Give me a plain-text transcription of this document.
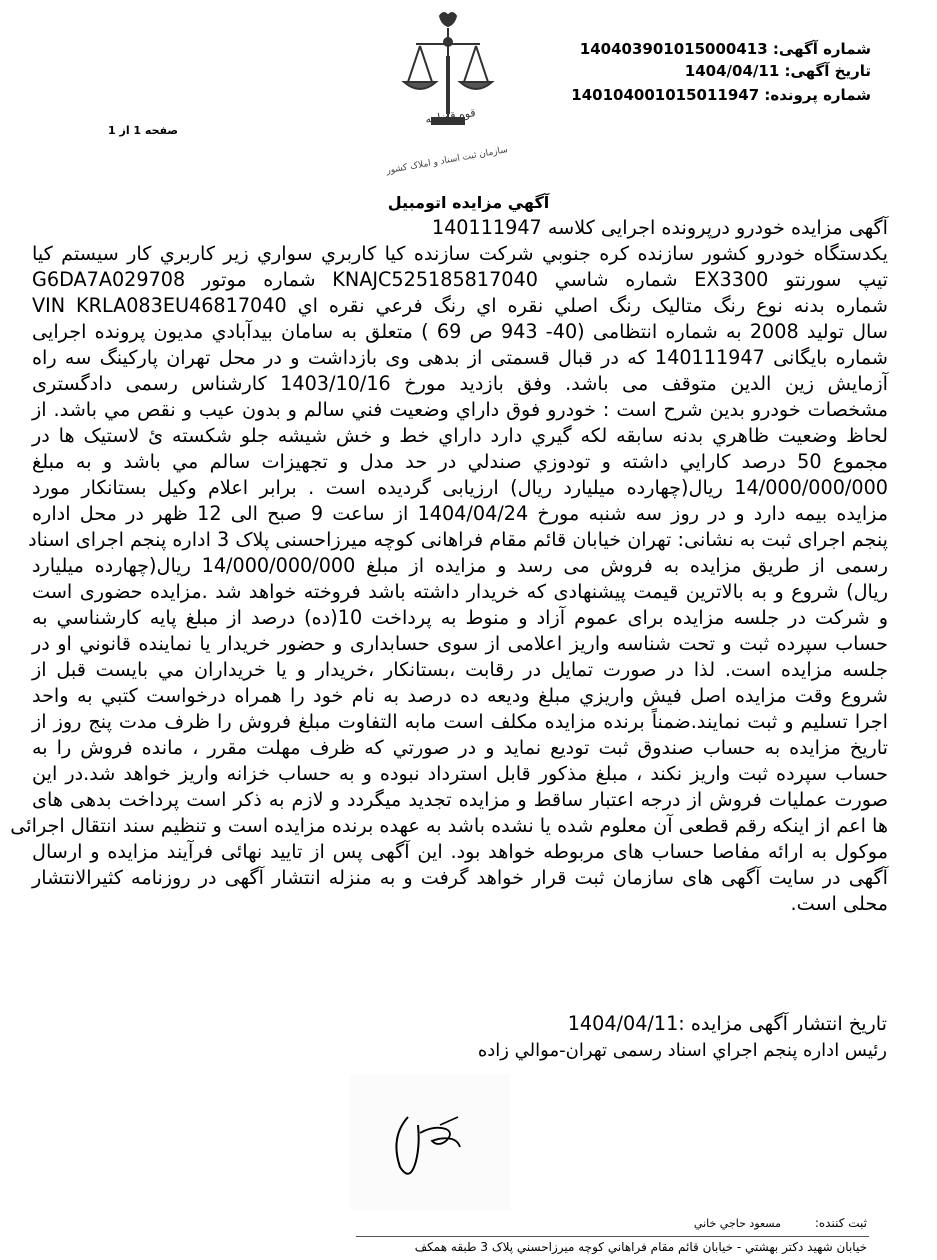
شماره آگهی: 14040390101500041​3
تاریخ آگهی: 1404/04/11
شماره پرونده: 140104001015011947
صفحه 1 از 1
قوه قضاییه
سازمان ثبت اسناد و املاک کشور
آگهي مزايده اتومبيل
آگهی مزایده خودرو درپرونده اجرایی کلاسه 140111947
یکدستگاه خودرو کشور سازنده کره جنوبي شرکت سازنده کيا کاربري سواري زير کاربري کار سيستم کيا
تيپ سورنتو EX3300 شماره شاسي KNAJC525185817040 شماره موتور G6DA7A029708
شماره بدنه نوع رنگ متاليک رنگ اصلي نقره اي رنگ فرعي نقره اي VIN KRLA083EU46817040
سال تولید 2008 به شماره انتظامی (40- 943 ص 69 ) متعلق به سامان بیدآبادي مدیون پرونده اجرایی
شماره بایگانی 140111947 که در قبال قسمتی از بدهی وی بازداشت و در محل تهران پارکینگ سه راه
آزمایش زین الدین متوقف می باشد. وفق بازدید مورخ 1403/10/16 کارشناس رسمی دادگستری
مشخصات خودرو بدين شرح است : خودرو فوق داراي وضعيت فني سالم و بدون عيب و نقص مي باشد. از
لحاظ وضعيت ظاهري بدنه سابقه لکه گيري دارد داراي خط و خش شيشه جلو شکسته ئ لاستيک ها در
مجموع 50 درصد کارايي داشته و تودوزي صندلي در حد مدل و تجهيزات سالم مي باشد و به مبلغ
14/000/000/000 ريال(چهارده ميليارد ريال) ارزيابی گرديده است . برابر اعلام وکيل بستانکار مورد
مزایده بیمه دارد و در روز سه شنبه مورخ 1404/04/24 از ساعت 9 صبح الی 12 ظهر در محل اداره
پنجم اجرای ثبت به نشانی: تهران خیابان قائم مقام فراهانی کوچه میرزاحسنی پلاک 3 اداره پنجم اجرای اسناد
رسمی از طریق مزایده به فروش می رسد و مزایده از مبلغ 14/000/000/000 ريال(چهارده ميليارد
ريال) شروع و به بالاترین قیمت پیشنهادی که خریدار داشته باشد فروخته خواهد شد .مزایده حضوری است
و شرکت در جلسه مزایده برای عموم آزاد و منوط به پرداخت 10(ده) درصد از مبلغ پايه کارشناسي به
حساب سپرده ثبت و تحت شناسه واریز اعلامی از سوی حسابداری و حضور خريدار يا نماينده قانوني او در
جلسه مزايده است. لذا در صورت تمايل در رقابت ،بستانکار ،خريدار و يا خريداران مي بايست قبل از
شروع وقت مزايده اصل فيش واريزي مبلغ وديعه ده درصد به نام خود را همراه درخواست کتبي به واحد
اجرا تسليم و ثبت نمايند.ضمناً برنده مزایده مکلف است مابه التفاوت مبلغ فروش را ظرف مدت پنج روز از
تاريخ مزايده به حساب صندوق ثبت توديع نمايد و در صورتي که ظرف مهلت مقرر ، مانده فروش را به
حساب سپرده ثبت واريز نکند ، مبلغ مذکور قابل استرداد نبوده و به حساب خزانه واريز خواهد شد.در اين
صورت عمليات فروش از درجه اعتبار ساقط و مزايده تجديد ميگردد و لازم به ذکر است پرداخت بدهی های
ها اعم از اينکه رقم قطعی آن معلوم شده يا نشده باشد به عهده برنده مزايده است و تنظیم سند انتقال اجرائی
موکول به ارائه مفاصا حساب های مربوطه خواهد بود. این آگهی پس از تایید نهائی فرآیند مزایده و ارسال
آگهی در سایت آگهی های سازمان ثبت قرار خواهد گرفت و به منزله انتشار آگهی در روزنامه کثیرالانتشار
محلی است.
تاریخ انتشار آگهی مزایده :1404/04/11
رئیس اداره پنجم اجراي اسناد رسمی تهران-موالي زاده
ثبت کننده: مسعود حاجي خاني
خيابان شهيد دکتر بهشتي - خيابان قائم مقام فراهاني کوچه ميرزاحسني پلاک 3 طبقه همکف
